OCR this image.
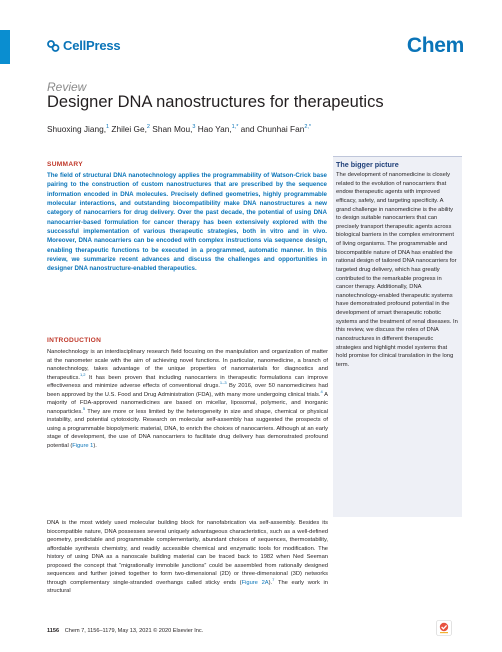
CellPress	Chem
Review
Designer DNA nanostructures for therapeutics
Shuoxing Jiang,$^1$ Zhilei Ge,$^2$ Shan Mou,$^3$ Hao Yan,$^{1,*}$ and Chunhai Fan$^{2,*}$
SUMMARY
The field of structural DNA nanotechnology applies the programmability of Watson-Crick base pairing to the construction of custom nanostructures that are prescribed by the sequence information encoded in DNA molecules. Precisely defined geometries, highly programmable molecular interactions, and outstanding biocompatibility make DNA nanostructures a new category of nanocarriers for drug delivery. Over the past decade, the potential of using DNA nanocarrier-based formulation for cancer therapy has been extensively explored with the successful implementation of various therapeutic strategies, both in vitro and in vivo. Moreover, DNA nanocarriers can be encoded with complex instructions via sequence design, enabling therapeutic functions to be executed in a programmed, automatic manner. In this review, we summarize recent advances and discuss the challenges and opportunities in designer DNA nanostructure-enabled therapeutics.
INTRODUCTION
Nanotechnology is an interdisciplinary research field focusing on the manipulation and organization of matter at the nanometer scale with the aim of achieving novel functions. In particular, nanomedicine, a branch of nanotechnology, takes advantage of the unique properties of nanomaterials for diagnostics and therapeutics.$^{1,2}$ It has been proven that including nanocarriers in therapeutic formulations can improve effectiveness and minimize adverse effects of conventional drugs.$^{1-3}$ By 2016, over 50 nanomedicines had been approved by the U.S. Food and Drug Administration (FDA), with many more undergoing clinical trials.$^4$ A majority of FDA-approved nanomedicines are based on micellar, liposomal, polymeric, and inorganic nanoparticles.$^5$ They are more or less limited by the heterogeneity in size and shape, chemical or physical instability, and potential cytotoxicity. Research on molecular self-assembly has suggested the prospects of using a programmable biopolymeric material, DNA, to enrich the choices of nanocarriers. Although at an early stage of development, the use of DNA nanocarriers to facilitate drug delivery has demonstrated profound potential (Figure 1).
DNA is the most widely used molecular building block for nanofabrication via self-assembly. Besides its biocompatible nature, DNA possesses several uniquely advantageous characteristics, such as a well-defined geometry, predictable and programmable complementarity, abundant choices of sequences, thermostability, affordable synthesis chemistry, and readily accessible chemical and enzymatic tools for modification. The history of using DNA as a nanoscale building material can be traced back to 1982 when Ned Seeman proposed the concept that “migrationally immobile junctions” could be assembled from rationally designed sequences and further joined together to form two-dimensional (2D) or three-dimensional (3D) networks through complementary single-stranded overhangs called sticky ends (Figure 2A).$^7$ The early work in structural
The bigger picture
The development of nanomedicine is closely related to the evolution of nanocarriers that endow therapeutic agents with improved efficacy, safety, and targeting specificity. A grand challenge in nanomedicine is the ability to design suitable nanocarriers that can precisely transport therapeutic agents across biological barriers in the complex environment of living organisms. The programmable and biocompatible nature of DNA has enabled the rational design of tailored DNA nanocarriers for targeted drug delivery, which has greatly contributed to the remarkable progress in cancer therapy. Additionally, DNA nanotechnology-enabled therapeutic systems have demonstrated profound potential in the development of smart therapeutic robotic systems and the treatment of renal diseases. In this review, we discuss the roles of DNA nanostructures in different therapeutic strategies and highlight model systems that hold promise for clinical translation in the long term.
1156 Chem 7, 1156–1179, May 13, 2021 © 2020 Elsevier Inc.
